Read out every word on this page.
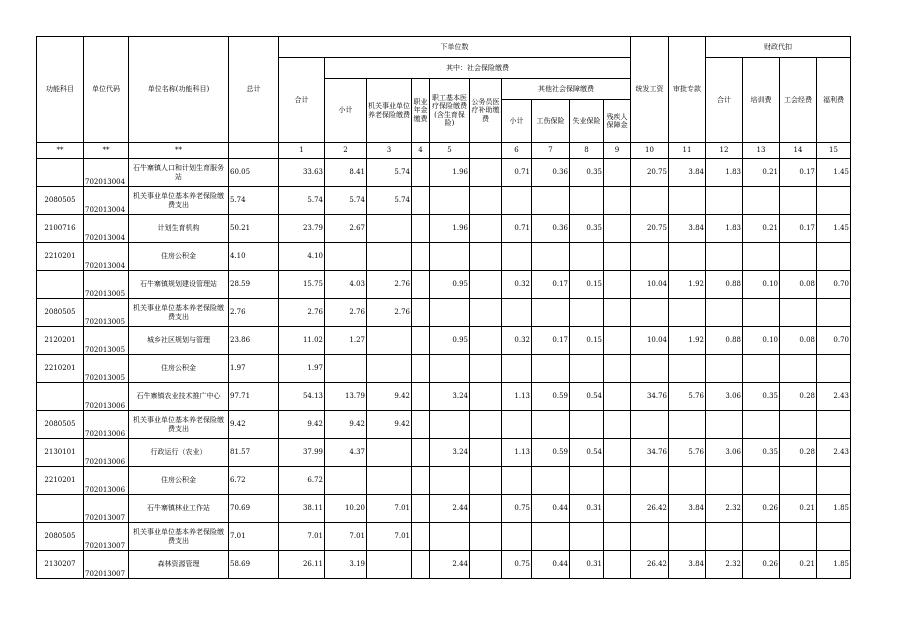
功能科目	单位代码	单位名称(功能科目)	总计	下单位数										统发工资	审批专款	财政代扣			
				合计	其中：社会保险缴费											合计	培训费	工会经费	福利费
					小计	机关事业单位养老保险缴费	职业年金缴费	职工基本医疗保险缴费(含生育保险)	公务员医疗补助缴费	其他社会保障缴费									
										小计	工伤保险	失业保险	残疾人保障金						
**	**	**		1	2	3	4	5		6	7	8	9	10	11	12	13	14	15
	702013004	石牛寨镇人口和计划生育服务站	60.05	33.63	8.41	5.74		1.96		0.71	0.36	0.35		20.75	3.84	1.83	0.21	0.17	1.45
2080505	702013004	机关事业单位基本养老保险缴费支出	5.74	5.74	5.74	5.74													
2100716	702013004	计划生育机构	50.21	23.79	2.67			1.96		0.71	0.36	0.35		20.75	3.84	1.83	0.21	0.17	1.45
2210201	702013004	住房公积金	4.10	4.10															
	702013005	石牛寨镇规划建设管理站	28.59	15.75	4.03	2.76		0.95		0.32	0.17	0.15		10.04	1.92	0.88	0.10	0.08	0.70
2080505	702013005	机关事业单位基本养老保险缴费支出	2.76	2.76	2.76	2.76													
2120201	702013005	城乡社区规划与管理	23.86	11.02	1.27			0.95		0.32	0.17	0.15		10.04	1.92	0.88	0.10	0.08	0.70
2210201	702013005	住房公积金	1.97	1.97															
	702013006	石牛寨镇农业技术推广中心	97.71	54.13	13.79	9.42		3.24		1.13	0.59	0.54		34.76	5.76	3.06	0.35	0.28	2.43
2080505	702013006	机关事业单位基本养老保险缴费支出	9.42	9.42	9.42	9.42													
2130101	702013006	行政运行（农业）	81.57	37.99	4.37			3.24		1.13	0.59	0.54		34.76	5.76	3.06	0.35	0.28	2.43
2210201	702013006	住房公积金	6.72	6.72															
	702013007	石牛寨镇林业工作站	70.69	38.11	10.20	7.01		2.44		0.75	0.44	0.31		26.42	3.84	2.32	0.26	0.21	1.85
2080505	702013007	机关事业单位基本养老保险缴费支出	7.01	7.01	7.01	7.01													
2130207	702013007	森林资源管理	58.69	26.11	3.19			2.44		0.75	0.44	0.31		26.42	3.84	2.32	0.26	0.21	1.85
